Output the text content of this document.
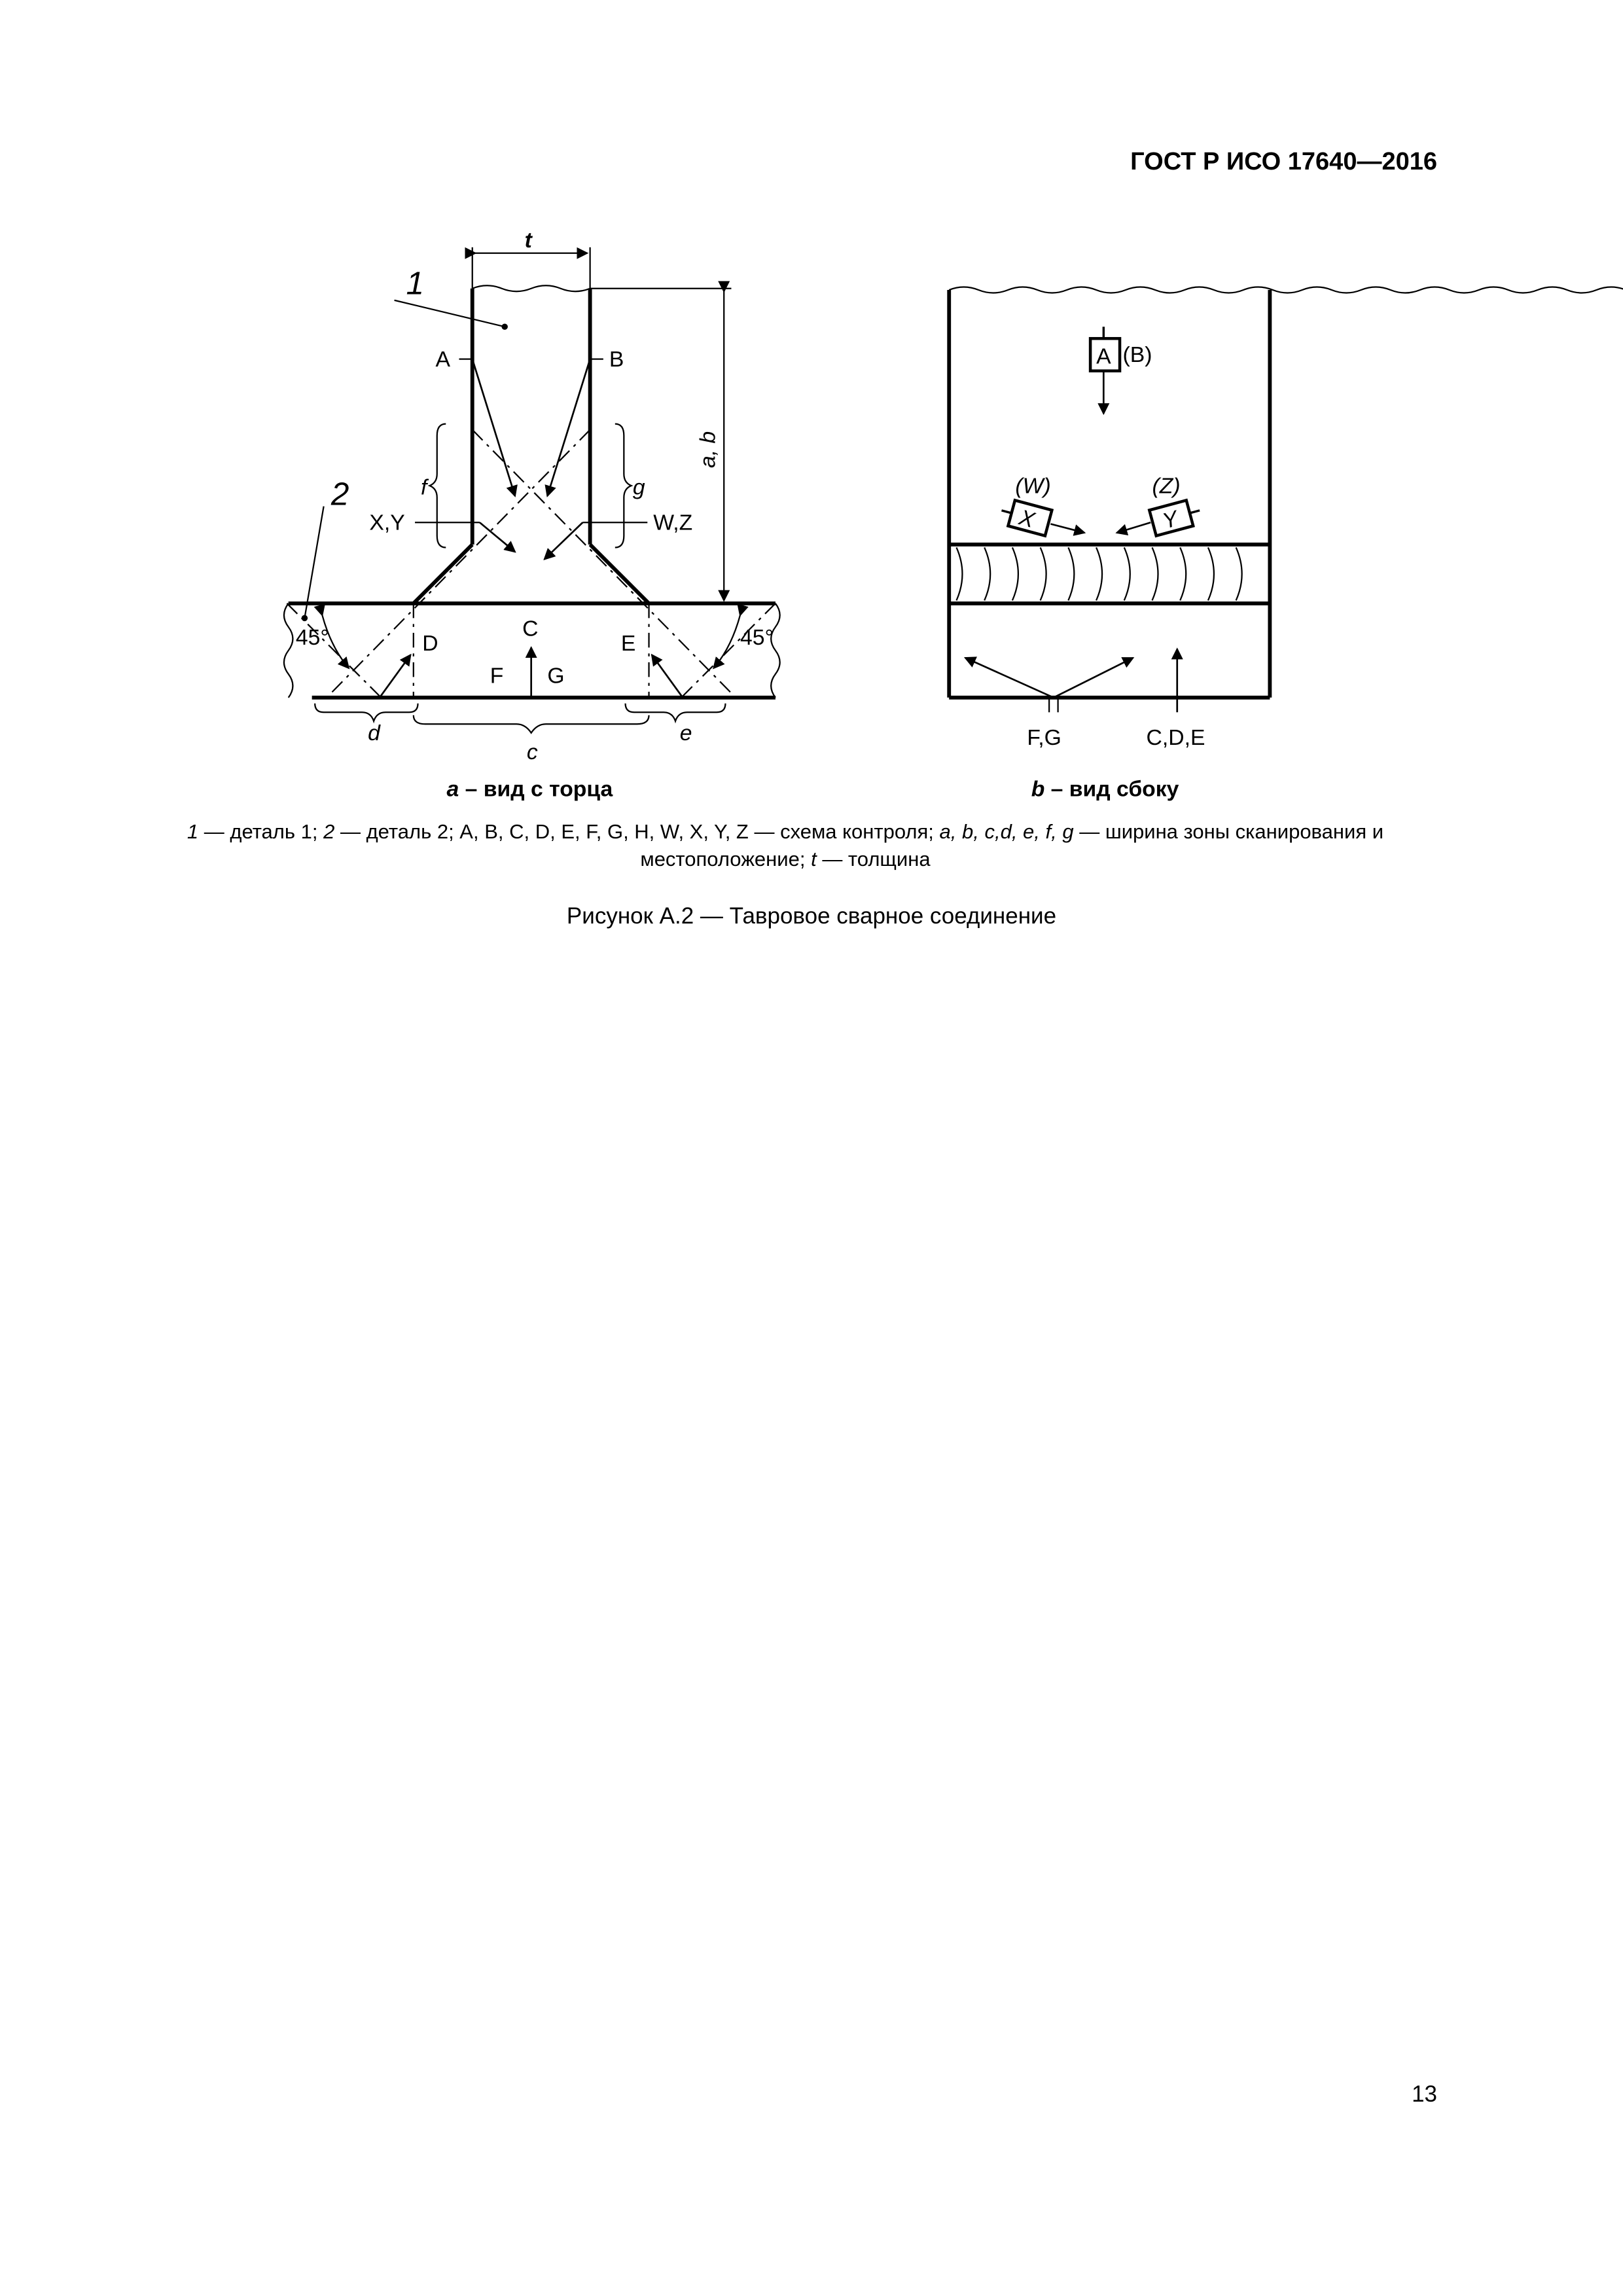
ГОСТ Р ИСО 17640—2016
t
1
2
A	B
f	g
X,Y	W,Z
a, b
C
D	E
F	G
45°	45°
d
c
e
a – вид с торца
A (B)
(W)
X
(Z)
Y
F,G	C,D,E
b – вид сбоку
1 — деталь 1; 2 — деталь 2; A, B, C, D, E, F, G, H, W, X, Y, Z — схема контроля; a, b, c,d, e, f, g — ширина зоны сканирования и
местоположение; t — толщина
Рисунок А.2 — Тавровое сварное соединение
13
